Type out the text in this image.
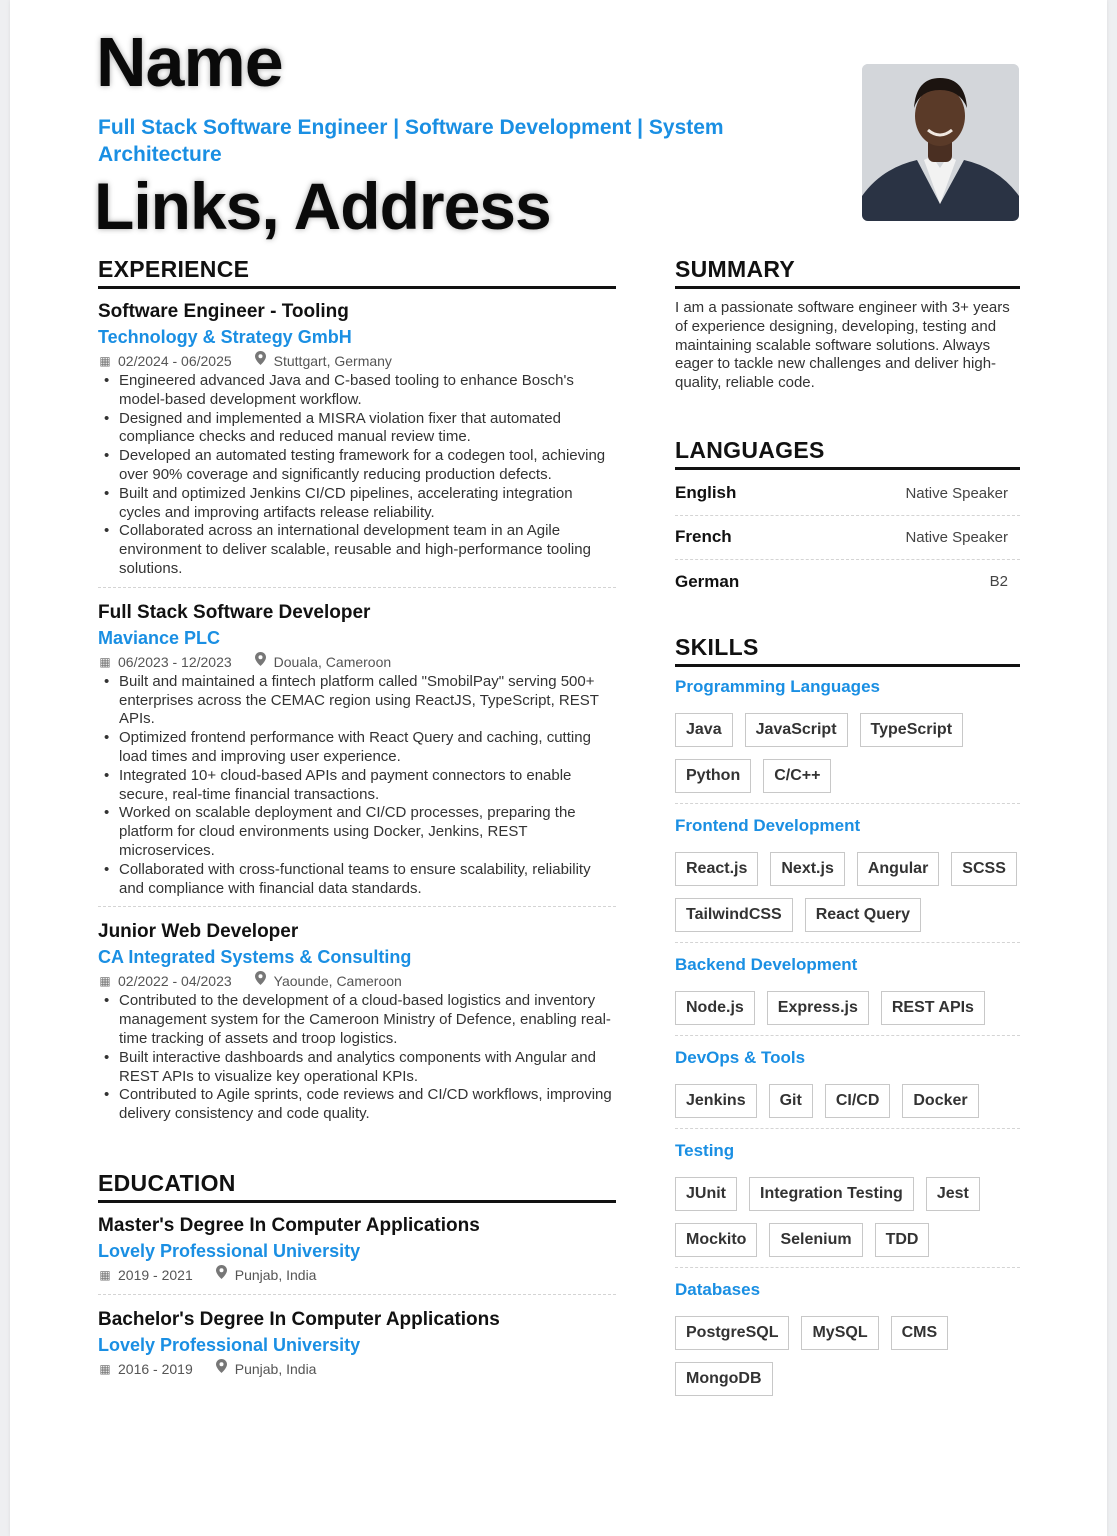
Name
Full Stack Software Engineer | Software Development | System Architecture
Links, Address
EXPERIENCE
Software Engineer - Tooling
Technology & Strategy GmbH
▦ 02/2024 - 06/2025	Stuttgart, Germany
• Engineered advanced Java and C-based tooling to enhance Bosch's model-based development workflow.
• Designed and implemented a MISRA violation fixer that automated compliance checks and reduced manual review time.
• Developed an automated testing framework for a codegen tool, achieving over 90% coverage and significantly reducing production defects.
• Built and optimized Jenkins CI/CD pipelines, accelerating integration cycles and improving artifacts release reliability.
• Collaborated across an international development team in an Agile environment to deliver scalable, reusable and high-performance tooling solutions.
Full Stack Software Developer
Maviance PLC
▦ 06/2023 - 12/2023	Douala, Cameroon
• Built and maintained a fintech platform called "SmobilPay" serving 500+ enterprises across the CEMAC region using ReactJS, TypeScript, REST APIs.
• Optimized frontend performance with React Query and caching, cutting load times and improving user experience.
• Integrated 10+ cloud-based APIs and payment connectors to enable secure, real-time financial transactions.
• Worked on scalable deployment and CI/CD processes, preparing the platform for cloud environments using Docker, Jenkins, REST microservices.
• Collaborated with cross-functional teams to ensure scalability, reliability and compliance with financial data standards.
Junior Web Developer
CA Integrated Systems & Consulting
▦ 02/2022 - 04/2023	Yaounde, Cameroon
• Contributed to the development of a cloud-based logistics and inventory management system for the Cameroon Ministry of Defence, enabling real-time tracking of assets and troop logistics.
• Built interactive dashboards and analytics components with Angular and REST APIs to visualize key operational KPIs.
• Contributed to Agile sprints, code reviews and CI/CD workflows, improving delivery consistency and code quality.
EDUCATION
Master's Degree In Computer Applications
Lovely Professional University
▦ 2019 - 2021	Punjab, India
Bachelor's Degree In Computer Applications
Lovely Professional University
▦ 2016 - 2019	Punjab, India
SUMMARY
I am a passionate software engineer with 3+ years of experience designing, developing, testing and maintaining scalable software solutions. Always eager to tackle new challenges and deliver high-quality, reliable code.
LANGUAGES
English	Native Speaker
French	Native Speaker
German	B2
SKILLS
Programming Languages
Java	JavaScript	TypeScript
Python	C/C++
Frontend Development
React.js	Next.js	Angular	SCSS
TailwindCSS	React Query
Backend Development
Node.js	Express.js	REST APIs
DevOps & Tools
Jenkins	Git	CI/CD	Docker
Testing
JUnit	Integration Testing	Jest
Mockito	Selenium	TDD
Databases
PostgreSQL	MySQL	CMS
MongoDB
